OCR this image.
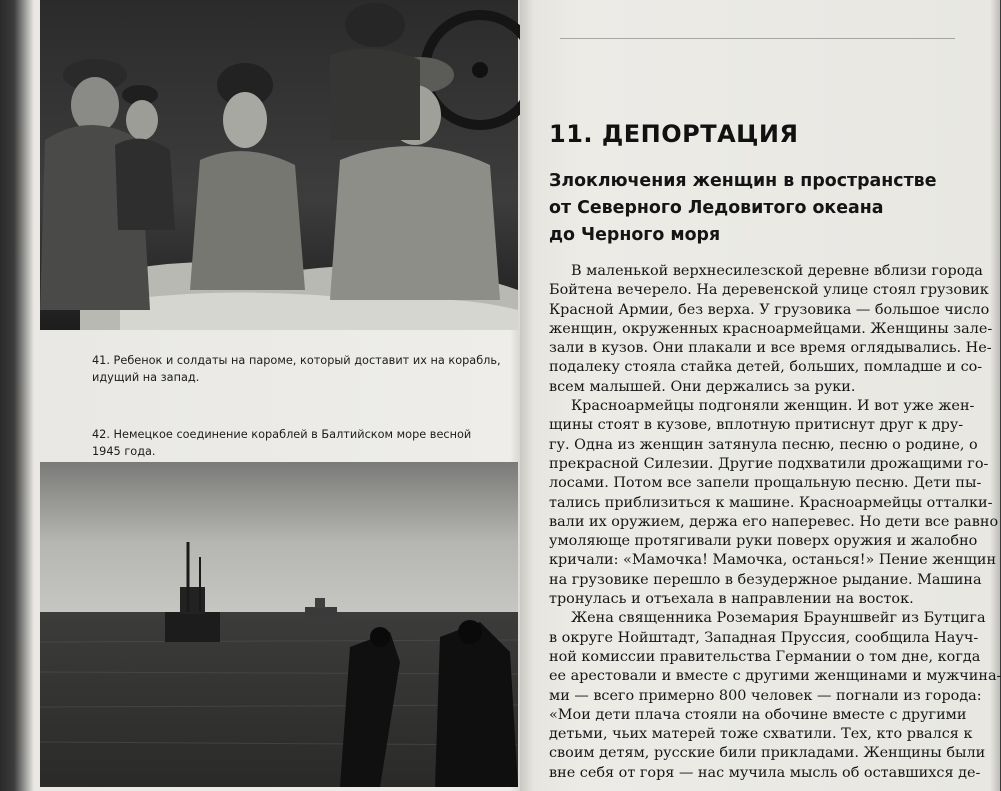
41. Ребенок и солдаты на пароме, который доставит их на корабль, идущий на запад.
42. Немецкое соединение кораблей в Балтийском море весной 1945 года.
11. ДЕПОРТАЦИЯ
Злоключения женщин в пространстве
от Северного Ледовитого океана
до Черного моря
В маленькой верхнесилезской деревне вблизи города
Бойтена вечерело. На деревенской улице стоял грузовик
Красной Армии, без верха. У грузовика — большое число
женщин, окруженных красноармейцами. Женщины зале-
зали в кузов. Они плакали и все время оглядывались. Не-
подалеку стояла стайка детей, больших, помладше и со-
всем малышей. Они держались за руки.
Красноармейцы подгоняли женщин. И вот уже жен-
щины стоят в кузове, вплотную притиснут друг к дру-
гу. Одна из женщин затянула песню, песню о родине, о
прекрасной Силезии. Другие подхватили дрожащими го-
лосами. Потом все запели прощальную песню. Дети пы-
тались приблизиться к машине. Красноармейцы отталки-
вали их оружием, держа его наперевес. Но дети все равно
умоляюще протягивали руки поверх оружия и жалобно
кричали: «Мамочка! Мамочка, останься!» Пение женщин
на грузовике перешло в безудержное рыдание. Машина
тронулась и отъехала в направлении на восток.
Жена священника Роземария Брауншвейг из Бутцига
в округе Нойштадт, Западная Пруссия, сообщила Науч-
ной комиссии правительства Германии о том дне, когда
ее арестовали и вместе с другими женщинами и мужчина-
ми — всего примерно 800 человек — погнали из города:
«Мои дети плача стояли на обочине вместе с другими
детьми, чьих матерей тоже схватили. Тех, кто рвался к
своим детям, русские били прикладами. Женщины были
вне себя от горя — нас мучила мысль об оставшихся де-
